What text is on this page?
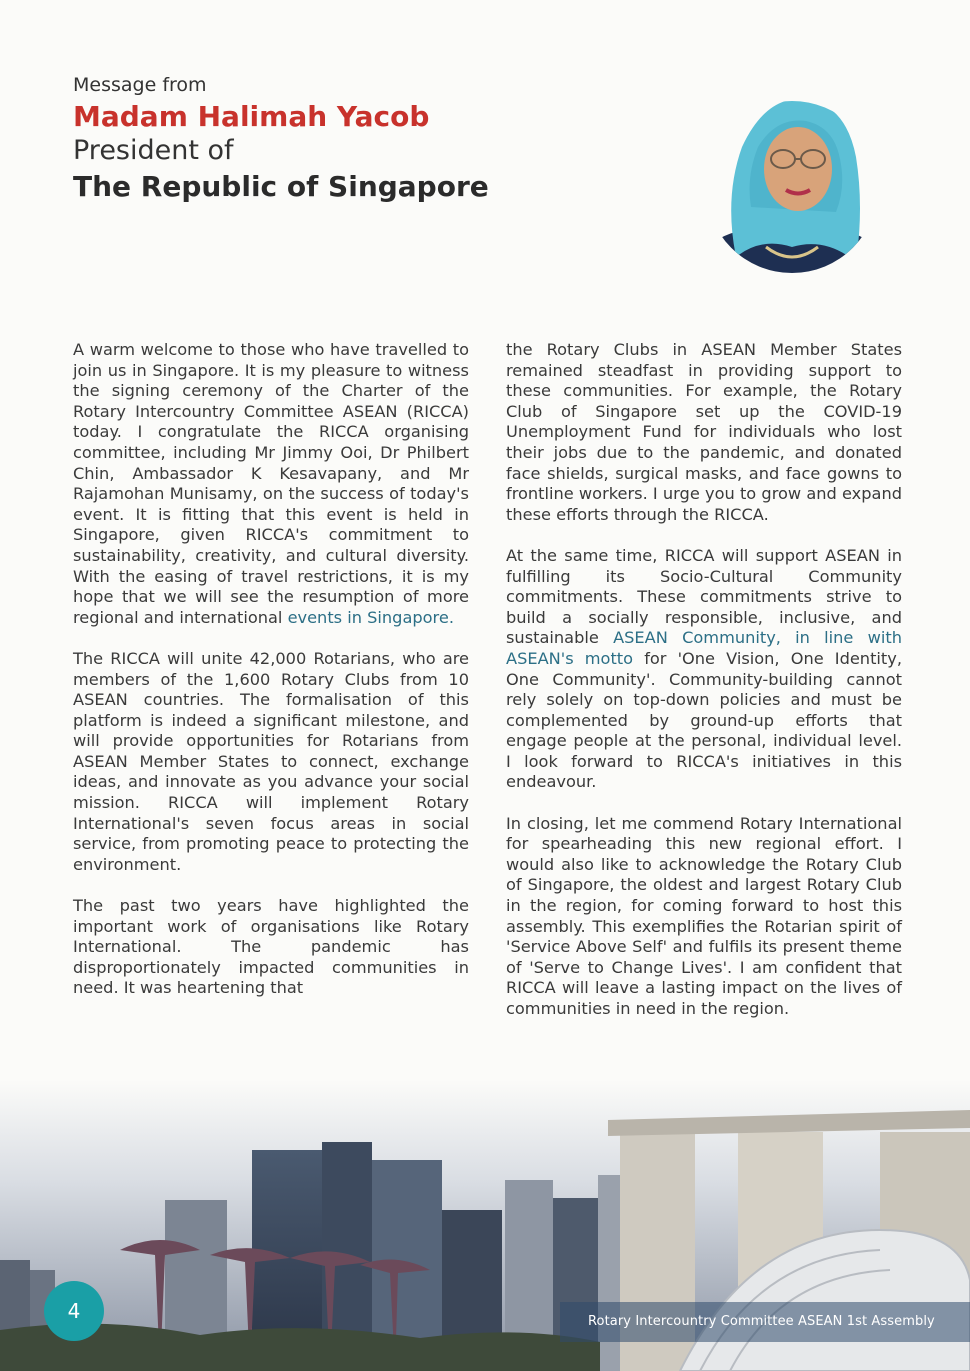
Message from
Madam Halimah Yacob
President of
The Republic of Singapore

A warm welcome to those who have travelled to join us in Singapore. It is my pleasure to witness the signing ceremony of the Charter of the Rotary Intercountry Committee ASEAN (RICCA) today. I congratulate the RICCA organising committee, including Mr Jimmy Ooi, Dr Philbert Chin, Ambassador K Kesavapany, and Mr Rajamohan Munisamy, on the success of today's event. It is fitting that this event is held in Singapore, given RICCA's commitment to sustainability, creativity, and cultural diversity. With the easing of travel restrictions, it is my hope that we will see the resumption of more regional and international events in Singapore.

The RICCA will unite 42,000 Rotarians, who are members of the 1,600 Rotary Clubs from 10 ASEAN countries. The formalisation of this platform is indeed a significant milestone, and will provide opportunities for Rotarians from ASEAN Member States to connect, exchange ideas, and innovate as you advance your social mission. RICCA will implement Rotary International's seven focus areas in social service, from promoting peace to protecting the environment.

The past two years have highlighted the important work of organisations like Rotary International. The pandemic has disproportionately impacted communities in need. It was heartening that

the Rotary Clubs in ASEAN Member States remained steadfast in providing support to these communities. For example, the Rotary Club of Singapore set up the COVID-19 Unemployment Fund for individuals who lost their jobs due to the pandemic, and donated face shields, surgical masks, and face gowns to frontline workers. I urge you to grow and expand these efforts through the RICCA.

At the same time, RICCA will support ASEAN in fulfilling its Socio-Cultural Community commitments. These commitments strive to build a socially responsible, inclusive, and sustainable ASEAN Community, in line with ASEAN's motto for 'One Vision, One Identity, One Community'. Community-building cannot rely solely on top-down policies and must be complemented by ground-up efforts that engage people at the personal, individual level. I look forward to RICCA's initiatives in this endeavour.

In closing, let me commend Rotary International for spearheading this new regional effort. I would also like to acknowledge the Rotary Club of Singapore, the oldest and largest Rotary Club in the region, for coming forward to host this assembly. This exemplifies the Rotarian spirit of 'Service Above Self' and fulfils its present theme of 'Serve to Change Lives'. I am confident that RICCA will leave a lasting impact on the lives of communities in need in the region.

4	Rotary Intercountry Committee ASEAN 1st Assembly
